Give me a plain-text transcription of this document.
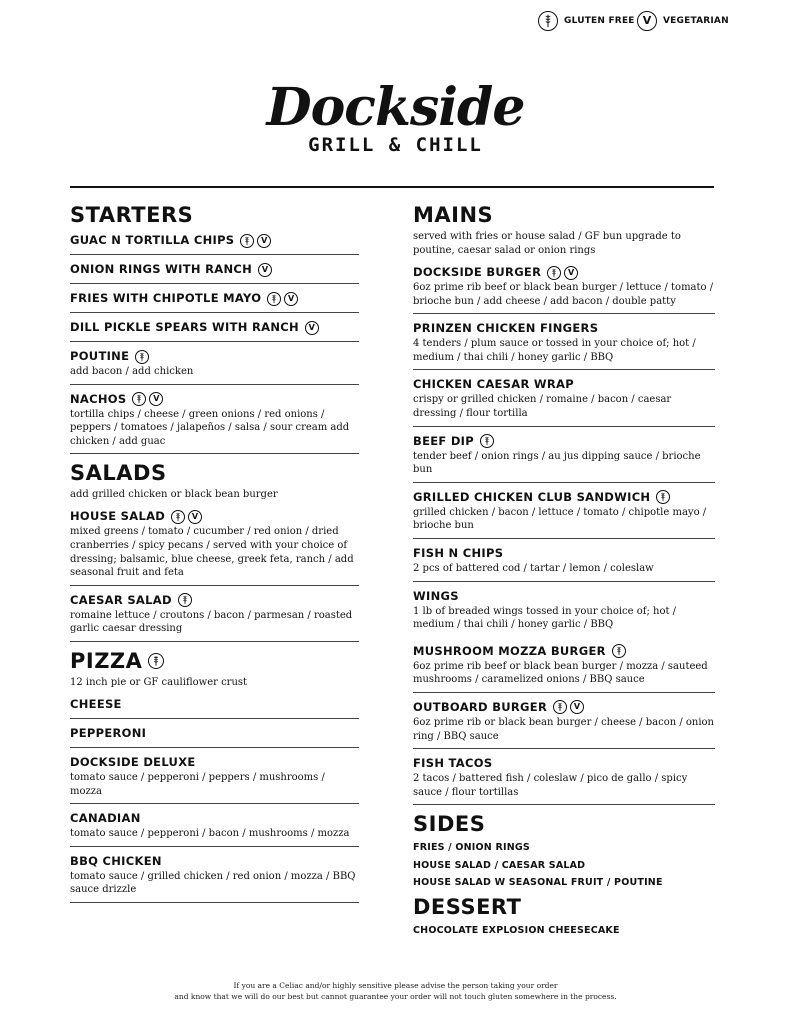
GLUTEN FREE V	VEGETARIAN
Dockside
GRILL & CHILL
STARTERS
GUAC N TORTILLA CHIPS	V
ONION RINGS WITH RANCH	V
FRIES WITH CHIPOTLE MAYO	V
DILL PICKLE SPEARS WITH RANCH	V
POUTINE
add bacon / add chicken
NACHOS	V
tortilla chips / cheese / green onions / red onions / peppers / tomatoes / jalapeños / salsa / sour cream add chicken / add guac
SALADS

add grilled chicken or black bean burger

HOUSE SALAD	V
mixed greens / tomato / cucumber / red onion / dried cranberries / spicy pecans / served with your choice of dressing; balsamic, blue cheese, greek feta, ranch / add seasonal fruit and feta
CAESAR SALAD
romaine lettuce / croutons / bacon / parmesan / roasted garlic caesar dressing
PIZZA

12 inch pie or GF cauliflower crust

CHEESE
PEPPERONI
DOCKSIDE DELUXE
tomato sauce / pepperoni / peppers / mushrooms / mozza
CANADIAN
tomato sauce / pepperoni / bacon / mushrooms / mozza
BBQ CHICKEN
tomato sauce / grilled chicken / red onion / mozza / BBQ sauce drizzle
MAINS

served with fries or house salad / GF bun upgrade to poutine, caesar salad or onion rings

DOCKSIDE BURGER	V
6oz prime rib beef or black bean burger / lettuce / tomato / brioche bun / add cheese / add bacon / double patty
PRINZEN CHICKEN FINGERS
4 tenders / plum sauce or tossed in your choice of; hot / medium / thai chili / honey garlic / BBQ
CHICKEN CAESAR WRAP
crispy or grilled chicken / romaine / bacon / caesar dressing / flour tortilla
BEEF DIP
tender beef / onion rings / au jus dipping sauce / brioche bun
GRILLED CHICKEN CLUB SANDWICH
grilled chicken / bacon / lettuce / tomato / chipotle mayo / brioche bun
FISH N CHIPS
2 pcs of battered cod / tartar / lemon / coleslaw
WINGS
1 lb of breaded wings tossed in your choice of; hot / medium / thai chili / honey garlic / BBQ
MUSHROOM MOZZA BURGER
6oz prime rib beef or black bean burger / mozza / sauteed mushrooms / caramelized onions / BBQ sauce
OUTBOARD BURGER	V
6oz prime rib or black bean burger / cheese / bacon / onion ring / BBQ sauce
FISH TACOS
2 tacos / battered fish / coleslaw / pico de gallo / spicy sauce / flour tortillas
SIDES
FRIES / ONION RINGS
HOUSE SALAD / CAESAR SALAD
HOUSE SALAD W SEASONAL FRUIT / POUTINE
DESSERT
CHOCOLATE EXPLOSION CHEESECAKE
If you are a Celiac and/or highly sensitive please advise the person taking your order
and know that we will do our best but cannot guarantee your order will not touch gluten somewhere in the process.
